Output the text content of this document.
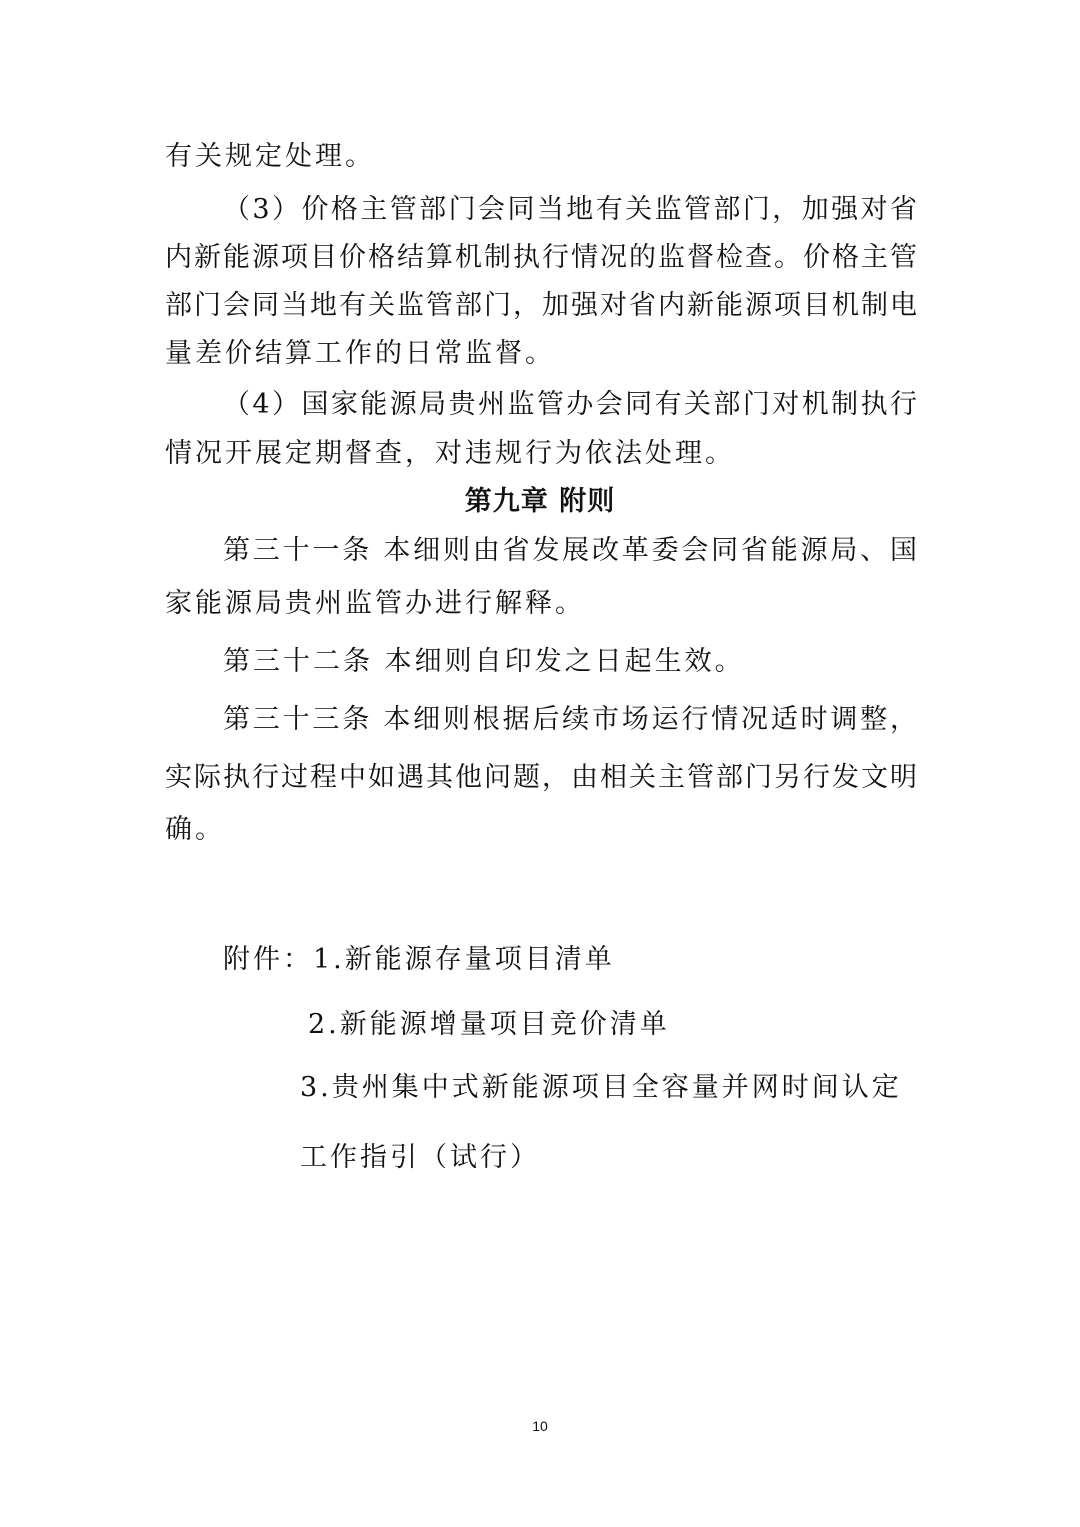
有关规定处理。
（3）价格主管部门会同当地有关监管部门，加强对省
内新能源项目价格结算机制执行情况的监督检查。价格主管
部门会同当地有关监管部门，加强对省内新能源项目机制电
量差价结算工作的日常监督。
（4）国家能源局贵州监管办会同有关部门对机制执行
情况开展定期督查，对违规行为依法处理。
第九章 附则
第三十一条 本细则由省发展改革委会同省能源局、国
家能源局贵州监管办进行解释。
第三十二条 本细则自印发之日起生效。
第三十三条 本细则根据后续市场运行情况适时调整，
实际执行过程中如遇其他问题，由相关主管部门另行发文明
确。
附件：1.新能源存量项目清单
2.新能源增量项目竞价清单
3.贵州集中式新能源项目全容量并网时间认定
工作指引（试行）
10
